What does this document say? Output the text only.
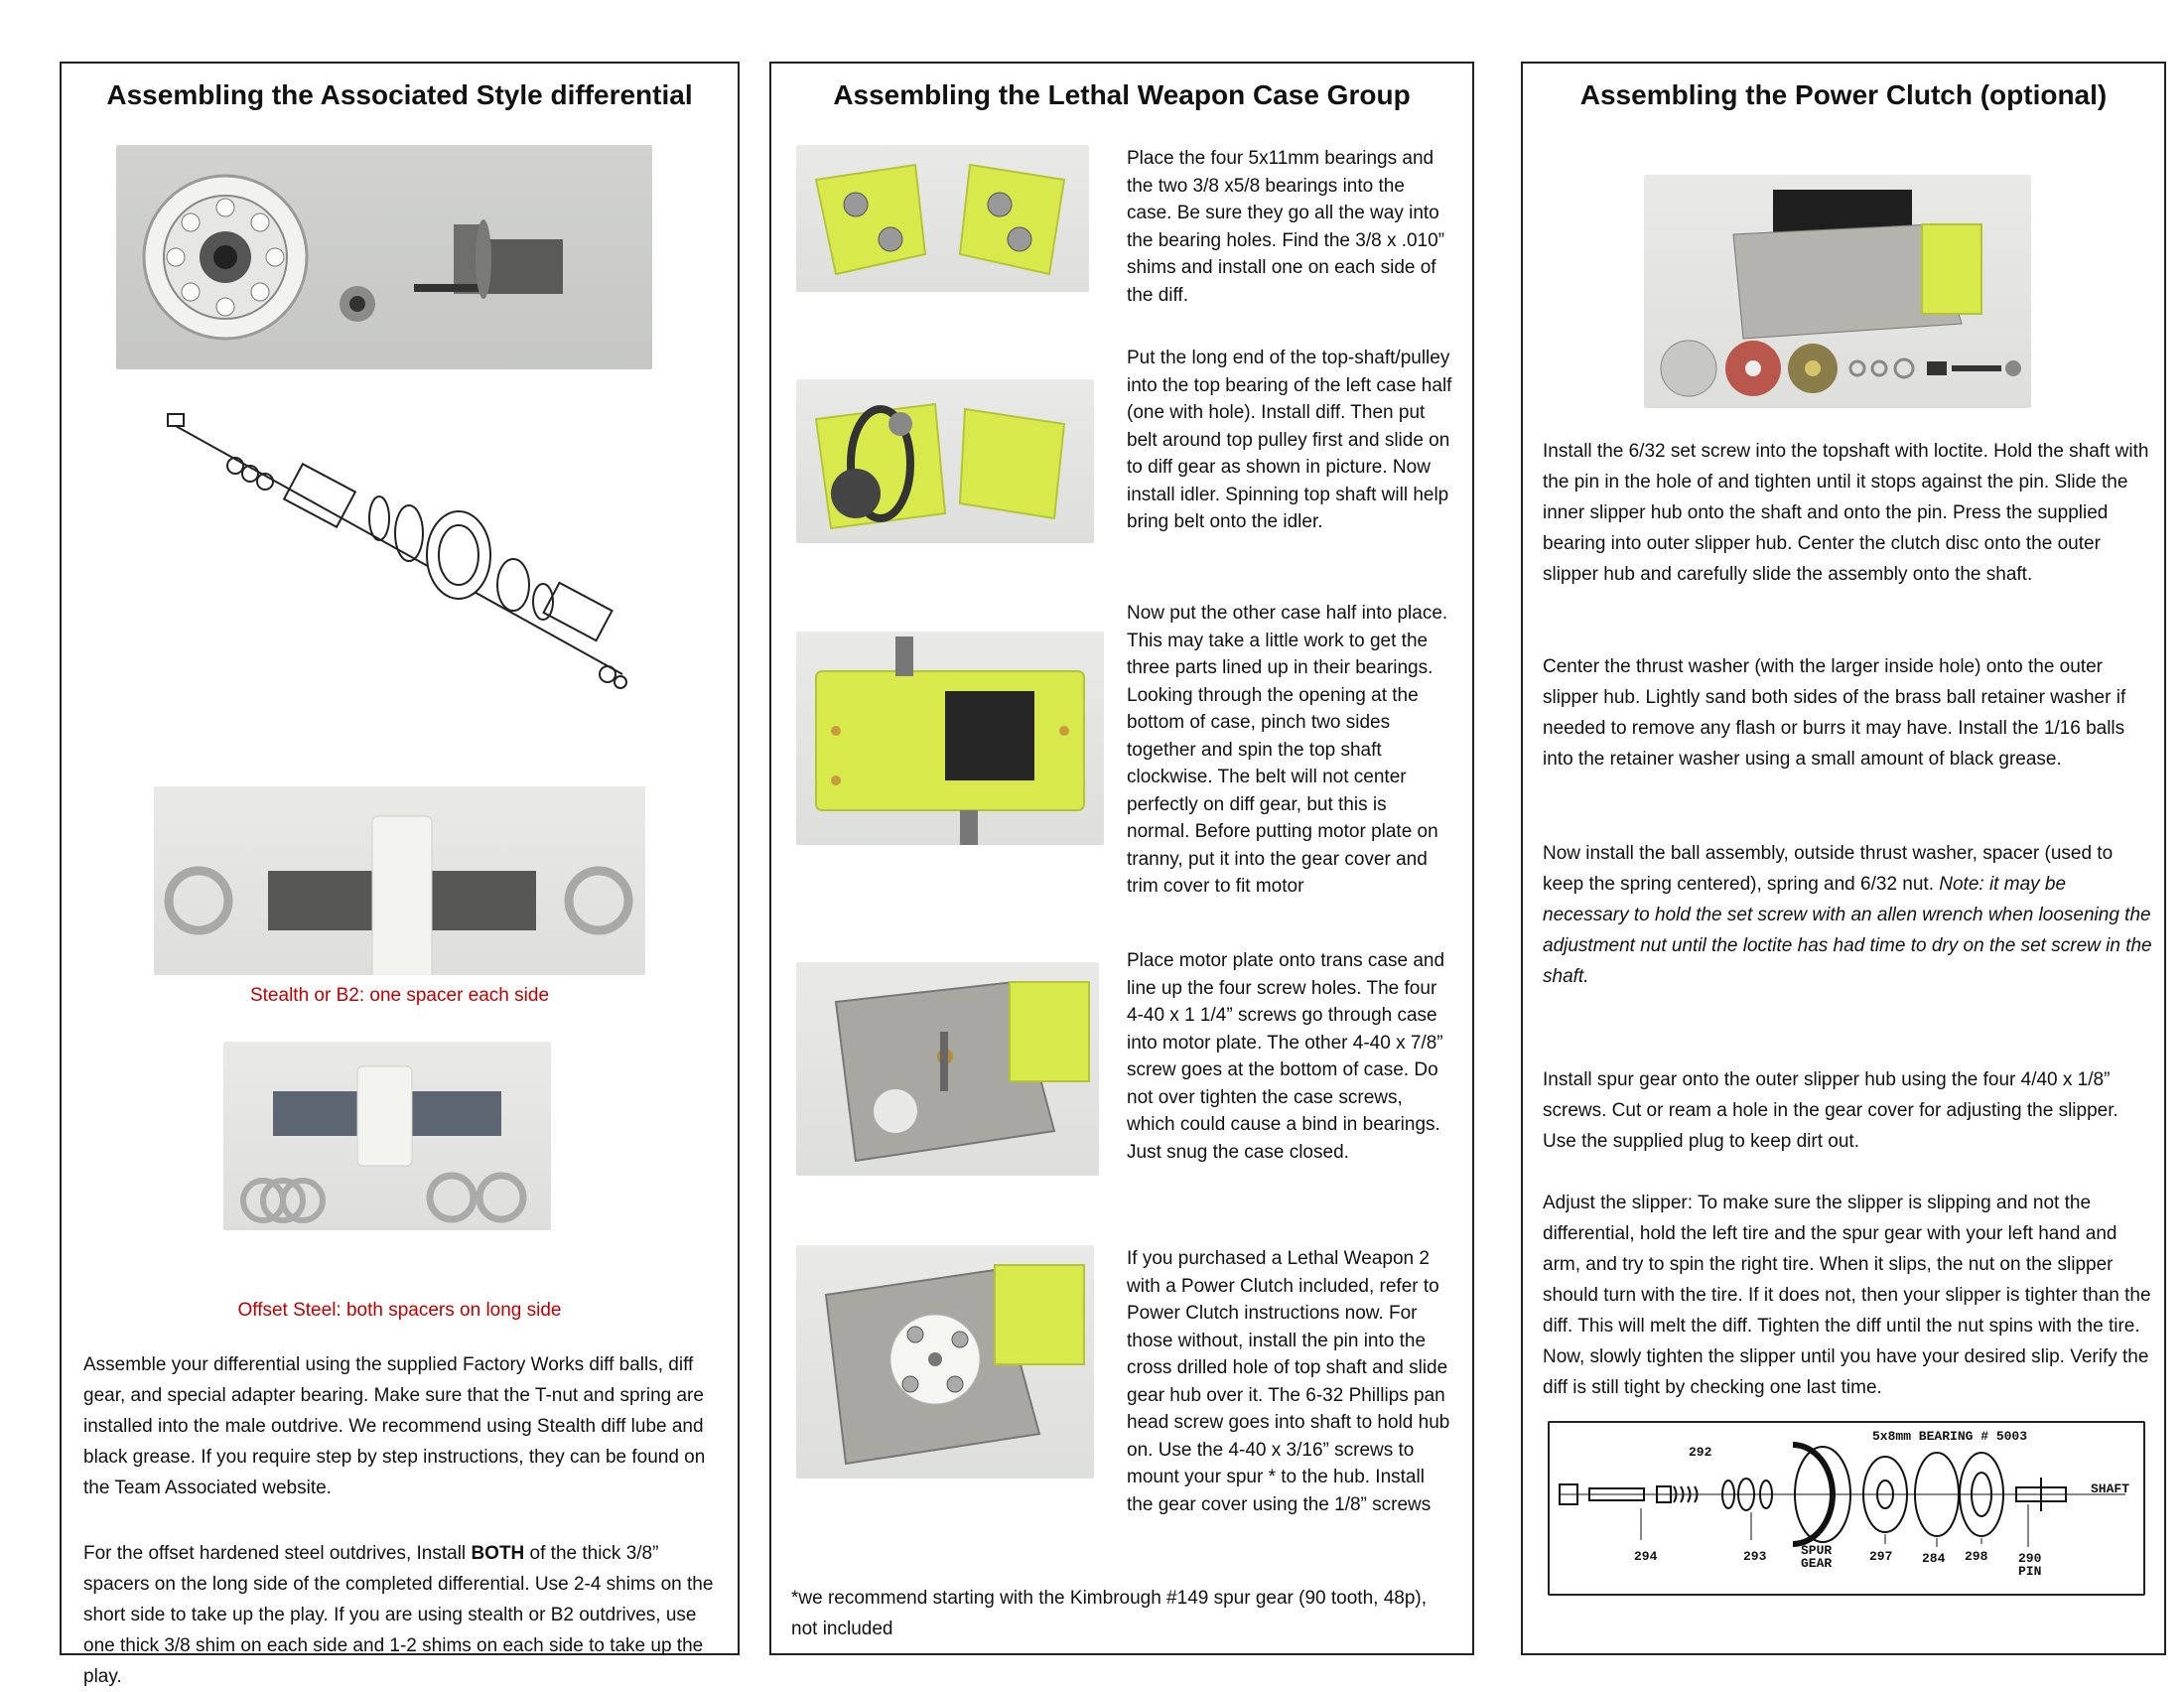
Assembling the Associated Style differential
Stealth or B2: one spacer each side
Offset Steel: both spacers on long side

Assemble your differential using the supplied Factory Works diff balls, diff gear, and special adapter bearing. Make sure that the T-nut and spring are installed into the male outdrive. We recommend using Stealth diff lube and black grease. If you require step by step instructions, they can be found on the Team Associated website.

For the offset hardened steel outdrives, Install BOTH of the thick 3/8” spacers on the long side of the completed differential. Use 2-4 shims on the short side to take up the play. If you are using stealth or B2 outdrives, use one thick 3/8 shim on each side and 1-2 shims on each side to take up the play.

Assembling the Lethal Weapon Case Group
Place the four 5x11mm bearings and the two 3/8 x5/8 bearings into the case. Be sure they go all the way into the bearing holes. Find the 3/8 x .010” shims and install one on each side of the diff.
Put the long end of the top-shaft/pulley into the top bearing of the left case half (one with hole). Install diff. Then put belt around top pulley first and slide on to diff gear as shown in picture. Now install idler. Spinning top shaft will help bring belt onto the idler.
Now put the other case half into place. This may take a little work to get the three parts lined up in their bearings. Looking through the opening at the bottom of case, pinch two sides together and spin the top shaft clockwise. The belt will not center perfectly on diff gear, but this is normal. Before putting motor plate on tranny, put it into the gear cover and trim cover to fit motor
Place motor plate onto trans case and line up the four screw holes. The four 4-40 x 1 1/4” screws go through case into motor plate. The other 4-40 x 7/8” screw goes at the bottom of case. Do not over tighten the case screws, which could cause a bind in bearings. Just snug the case closed.
If you purchased a Lethal Weapon 2 with a Power Clutch included, refer to Power Clutch instructions now. For those without, install the pin into the cross drilled hole of top shaft and slide gear hub over it. The 6-32 Phillips pan head screw goes into shaft to hold hub on. Use the 4-40 x 3/16” screws to mount your spur * to the hub. Install the gear cover using the 1/8” screws
*we recommend starting with the Kimbrough #149 spur gear (90 tooth, 48p), not included
Assembling the Power Clutch (optional)

Install the 6/32 set screw into the topshaft with loctite. Hold the shaft with the pin in the hole of and tighten until it stops against the pin. Slide the inner slipper hub onto the shaft and onto the pin. Press the supplied bearing into outer slipper hub. Center the clutch disc onto the outer slipper hub and carefully slide the assembly onto the shaft.

Center the thrust washer (with the larger inside hole) onto the outer slipper hub. Lightly sand both sides of the brass ball retainer washer if needed to remove any flash or burrs it may have. Install the 1/16 balls into the retainer washer using a small amount of black grease.

Now install the ball assembly, outside thrust washer, spacer (used to keep the spring centered), spring and 6/32 nut. Note: it may be necessary to hold the set screw with an allen wrench when loosening the adjustment nut until the loctite has had time to dry on the set screw in the shaft.

Install spur gear onto the outer slipper hub using the four 4/40 x 1/8” screws. Cut or ream a hole in the gear cover for adjusting the slipper. Use the supplied plug to keep dirt out.

Adjust the slipper: To make sure the slipper is slipping and not the differential, hold the left tire and the spur gear with your left hand and arm, and try to spin the right tire. When it slips, the nut on the slipper should turn with the tire. If it does not, then your slipper is tighter than the diff. This will melt the diff. Tighten the diff until the nut spins with the tire. Now, slowly tighten the slipper until you have your desired slip. Verify the diff is still tight by checking one last time.

5x8mm BEARING # 5003
292
SHAFT
294	293	SPUR
GEAR	297 284 298 290
PIN
